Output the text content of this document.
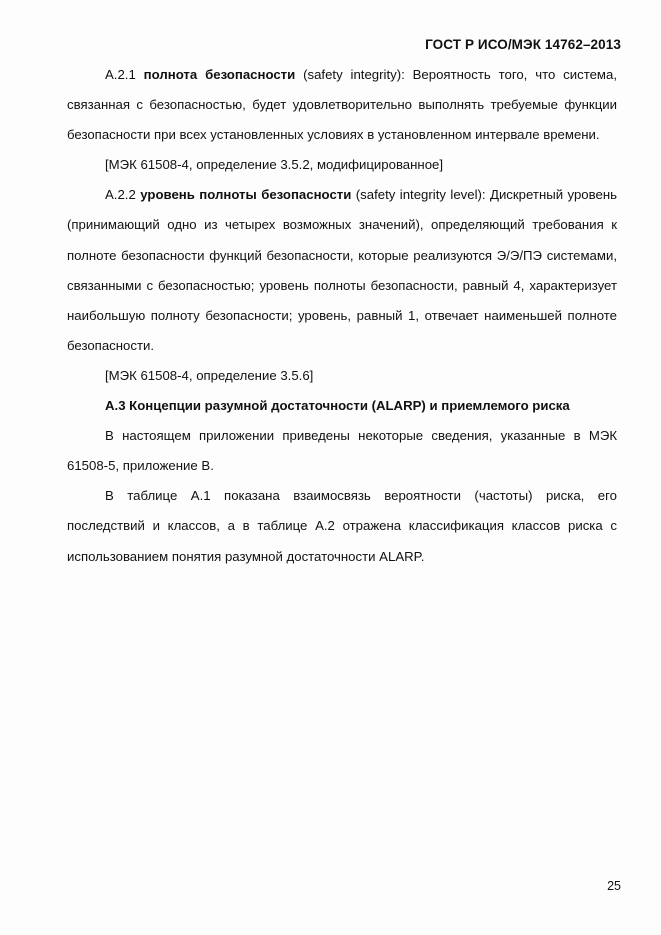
ГОСТ Р ИСО/МЭК 14762–2013

A.2.1 полнота безопасности (safety integrity): Вероятность того, что система, связанная с безопасностью, будет удовлетворительно выполнять требуемые функции безопасности при всех установленных условиях в установленном интервале времени.

[МЭК 61508-4, определение 3.5.2, модифицированное]

A.2.2 уровень полноты безопасности (safety integrity level): Дискретный уровень (принимающий одно из четырех возможных значений), определяющий требования к полноте безопасности функций безопасности, которые реализуются Э/Э/ПЭ системами, связанными с безопасностью; уровень полноты безопасности, равный 4, характеризует наибольшую полноту безопасности; уровень, равный 1, отвечает наименьшей полноте безопасности.

[МЭК 61508-4, определение 3.5.6]

A.3 Концепции разумной достаточности (ALARP) и приемлемого риска

В настоящем приложении приведены некоторые сведения, указанные в МЭК 61508-5, приложение B.

В таблице A.1 показана взаимосвязь вероятности (частоты) риска, его последствий и классов, а в таблице A.2 отражена классификация классов риска с использованием понятия разумной достаточности ALARP.

25
